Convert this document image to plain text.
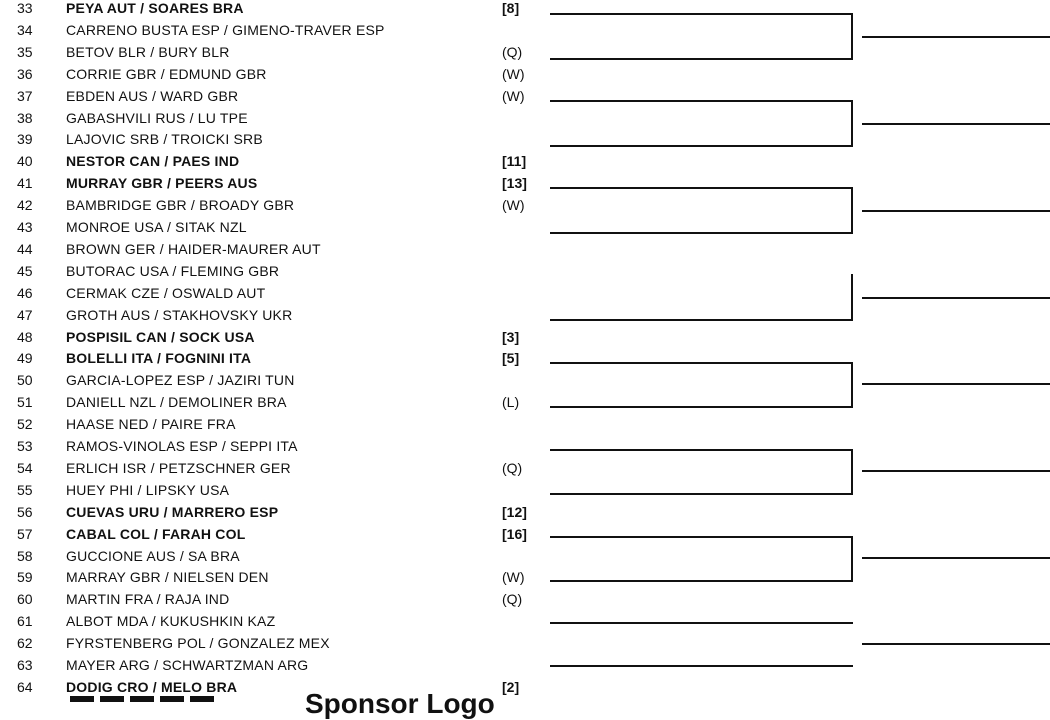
33 PEYA AUT / SOARES BRA	[8]
34 CARRENO BUSTA ESP / GIMENO-TRAVER ESP
35 BETOV BLR / BURY BLR	(Q)
36 CORRIE GBR / EDMUND GBR	(W)
37 EBDEN AUS / WARD GBR	(W)
38 GABASHVILI RUS / LU TPE
39 LAJOVIC SRB / TROICKI SRB
40 NESTOR CAN / PAES IND	[11]
41 MURRAY GBR / PEERS AUS	[13]
42 BAMBRIDGE GBR / BROADY GBR	(W)
43 MONROE USA / SITAK NZL
44 BROWN GER / HAIDER-MAURER AUT
45 BUTORAC USA / FLEMING GBR
46 CERMAK CZE / OSWALD AUT
47 GROTH AUS / STAKHOVSKY UKR
48 POSPISIL CAN / SOCK USA	[3]
49 BOLELLI ITA / FOGNINI ITA	[5]
50 GARCIA-LOPEZ ESP / JAZIRI TUN
51 DANIELL NZL / DEMOLINER BRA	(L)
52 HAASE NED / PAIRE FRA
53 RAMOS-VINOLAS ESP / SEPPI ITA
54 ERLICH ISR / PETZSCHNER GER	(Q)
55 HUEY PHI / LIPSKY USA
56 CUEVAS URU / MARRERO ESP	[12]
57 CABAL COL / FARAH COL	[16]
58 GUCCIONE AUS / SA BRA
59 MARRAY GBR / NIELSEN DEN	(W)
60 MARTIN FRA / RAJA IND	(Q)
61 ALBOT MDA / KUKUSHKIN KAZ
62 FYRSTENBERG POL / GONZALEZ MEX
63 MAYER ARG / SCHWARTZMAN ARG
64 DODIG CRO / MELO BRA	[2]
Sponsor Logo
